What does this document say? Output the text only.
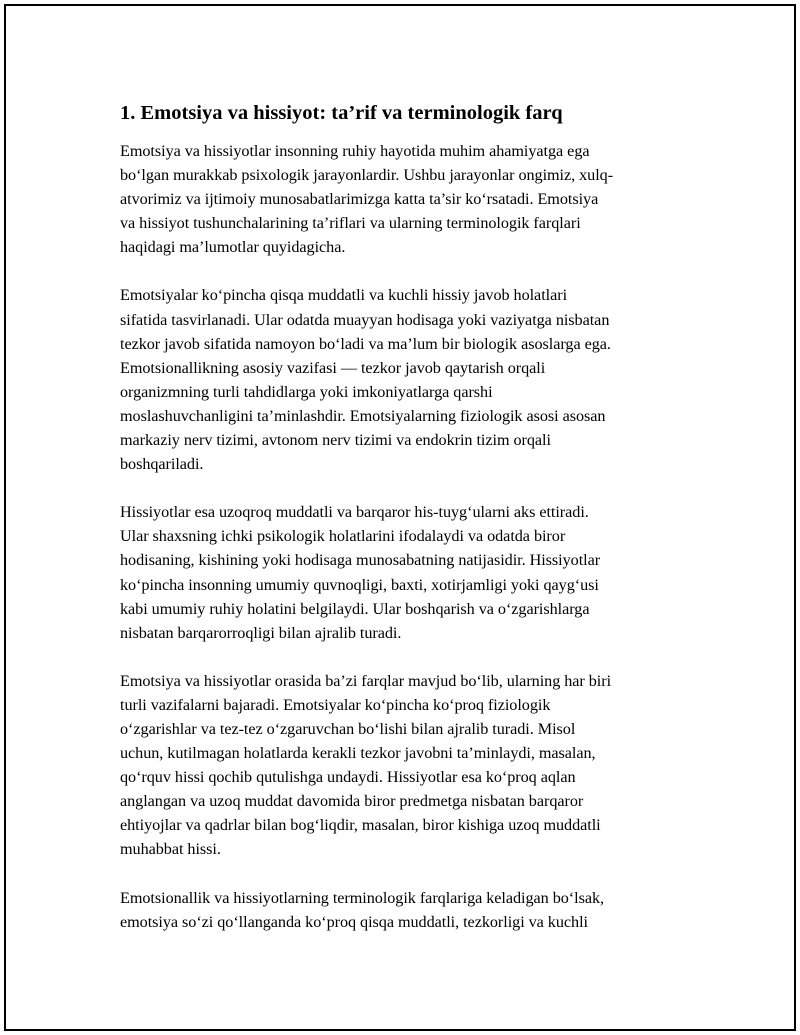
1. Emotsiya va hissiyot: ta’rif va terminologik farq

Emotsiya va hissiyotlar insonning ruhiy hayotida muhim ahamiyatga ega
bo‘lgan murakkab psixologik jarayonlardir. Ushbu jarayonlar ongimiz, xulq-
atvorimiz va ijtimoiy munosabatlarimizga katta ta’sir ko‘rsatadi. Emotsiya
va hissiyot tushunchalarining ta’riflari va ularning terminologik farqlari
haqidagi ma’lumotlar quyidagicha.

Emotsiyalar ko‘pincha qisqa muddatli va kuchli hissiy javob holatlari
sifatida tasvirlanadi. Ular odatda muayyan hodisaga yoki vaziyatga nisbatan
tezkor javob sifatida namoyon bo‘ladi va ma’lum bir biologik asoslarga ega.
Emotsionallikning asosiy vazifasi — tezkor javob qaytarish orqali
organizmning turli tahdidlarga yoki imkoniyatlarga qarshi
moslashuvchanligini ta’minlashdir. Emotsiyalarning fiziologik asosi asosan
markaziy nerv tizimi, avtonom nerv tizimi va endokrin tizim orqali
boshqariladi.

Hissiyotlar esa uzoqroq muddatli va barqaror his-tuyg‘ularni aks ettiradi.
Ular shaxsning ichki psikologik holatlarini ifodalaydi va odatda biror
hodisaning, kishining yoki hodisaga munosabatning natijasidir. Hissiyotlar
ko‘pincha insonning umumiy quvnoqligi, baxti, xotirjamligi yoki qayg‘usi
kabi umumiy ruhiy holatini belgilaydi. Ular boshqarish va o‘zgarishlarga
nisbatan barqarorroqligi bilan ajralib turadi.

Emotsiya va hissiyotlar orasida ba’zi farqlar mavjud bo‘lib, ularning har biri
turli vazifalarni bajaradi. Emotsiyalar ko‘pincha ko‘proq fiziologik
o‘zgarishlar va tez-tez o‘zgaruvchan bo‘lishi bilan ajralib turadi. Misol
uchun, kutilmagan holatlarda kerakli tezkor javobni ta’minlaydi, masalan,
qo‘rquv hissi qochib qutulishga undaydi. Hissiyotlar esa ko‘proq aqlan
anglangan va uzoq muddat davomida biror predmetga nisbatan barqaror
ehtiyojlar va qadrlar bilan bog‘liqdir, masalan, biror kishiga uzoq muddatli
muhabbat hissi.

Emotsionallik va hissiyotlarning terminologik farqlariga keladigan bo‘lsak,
emotsiya so‘zi qo‘llanganda ko‘proq qisqa muddatli, tezkorligi va kuchli
